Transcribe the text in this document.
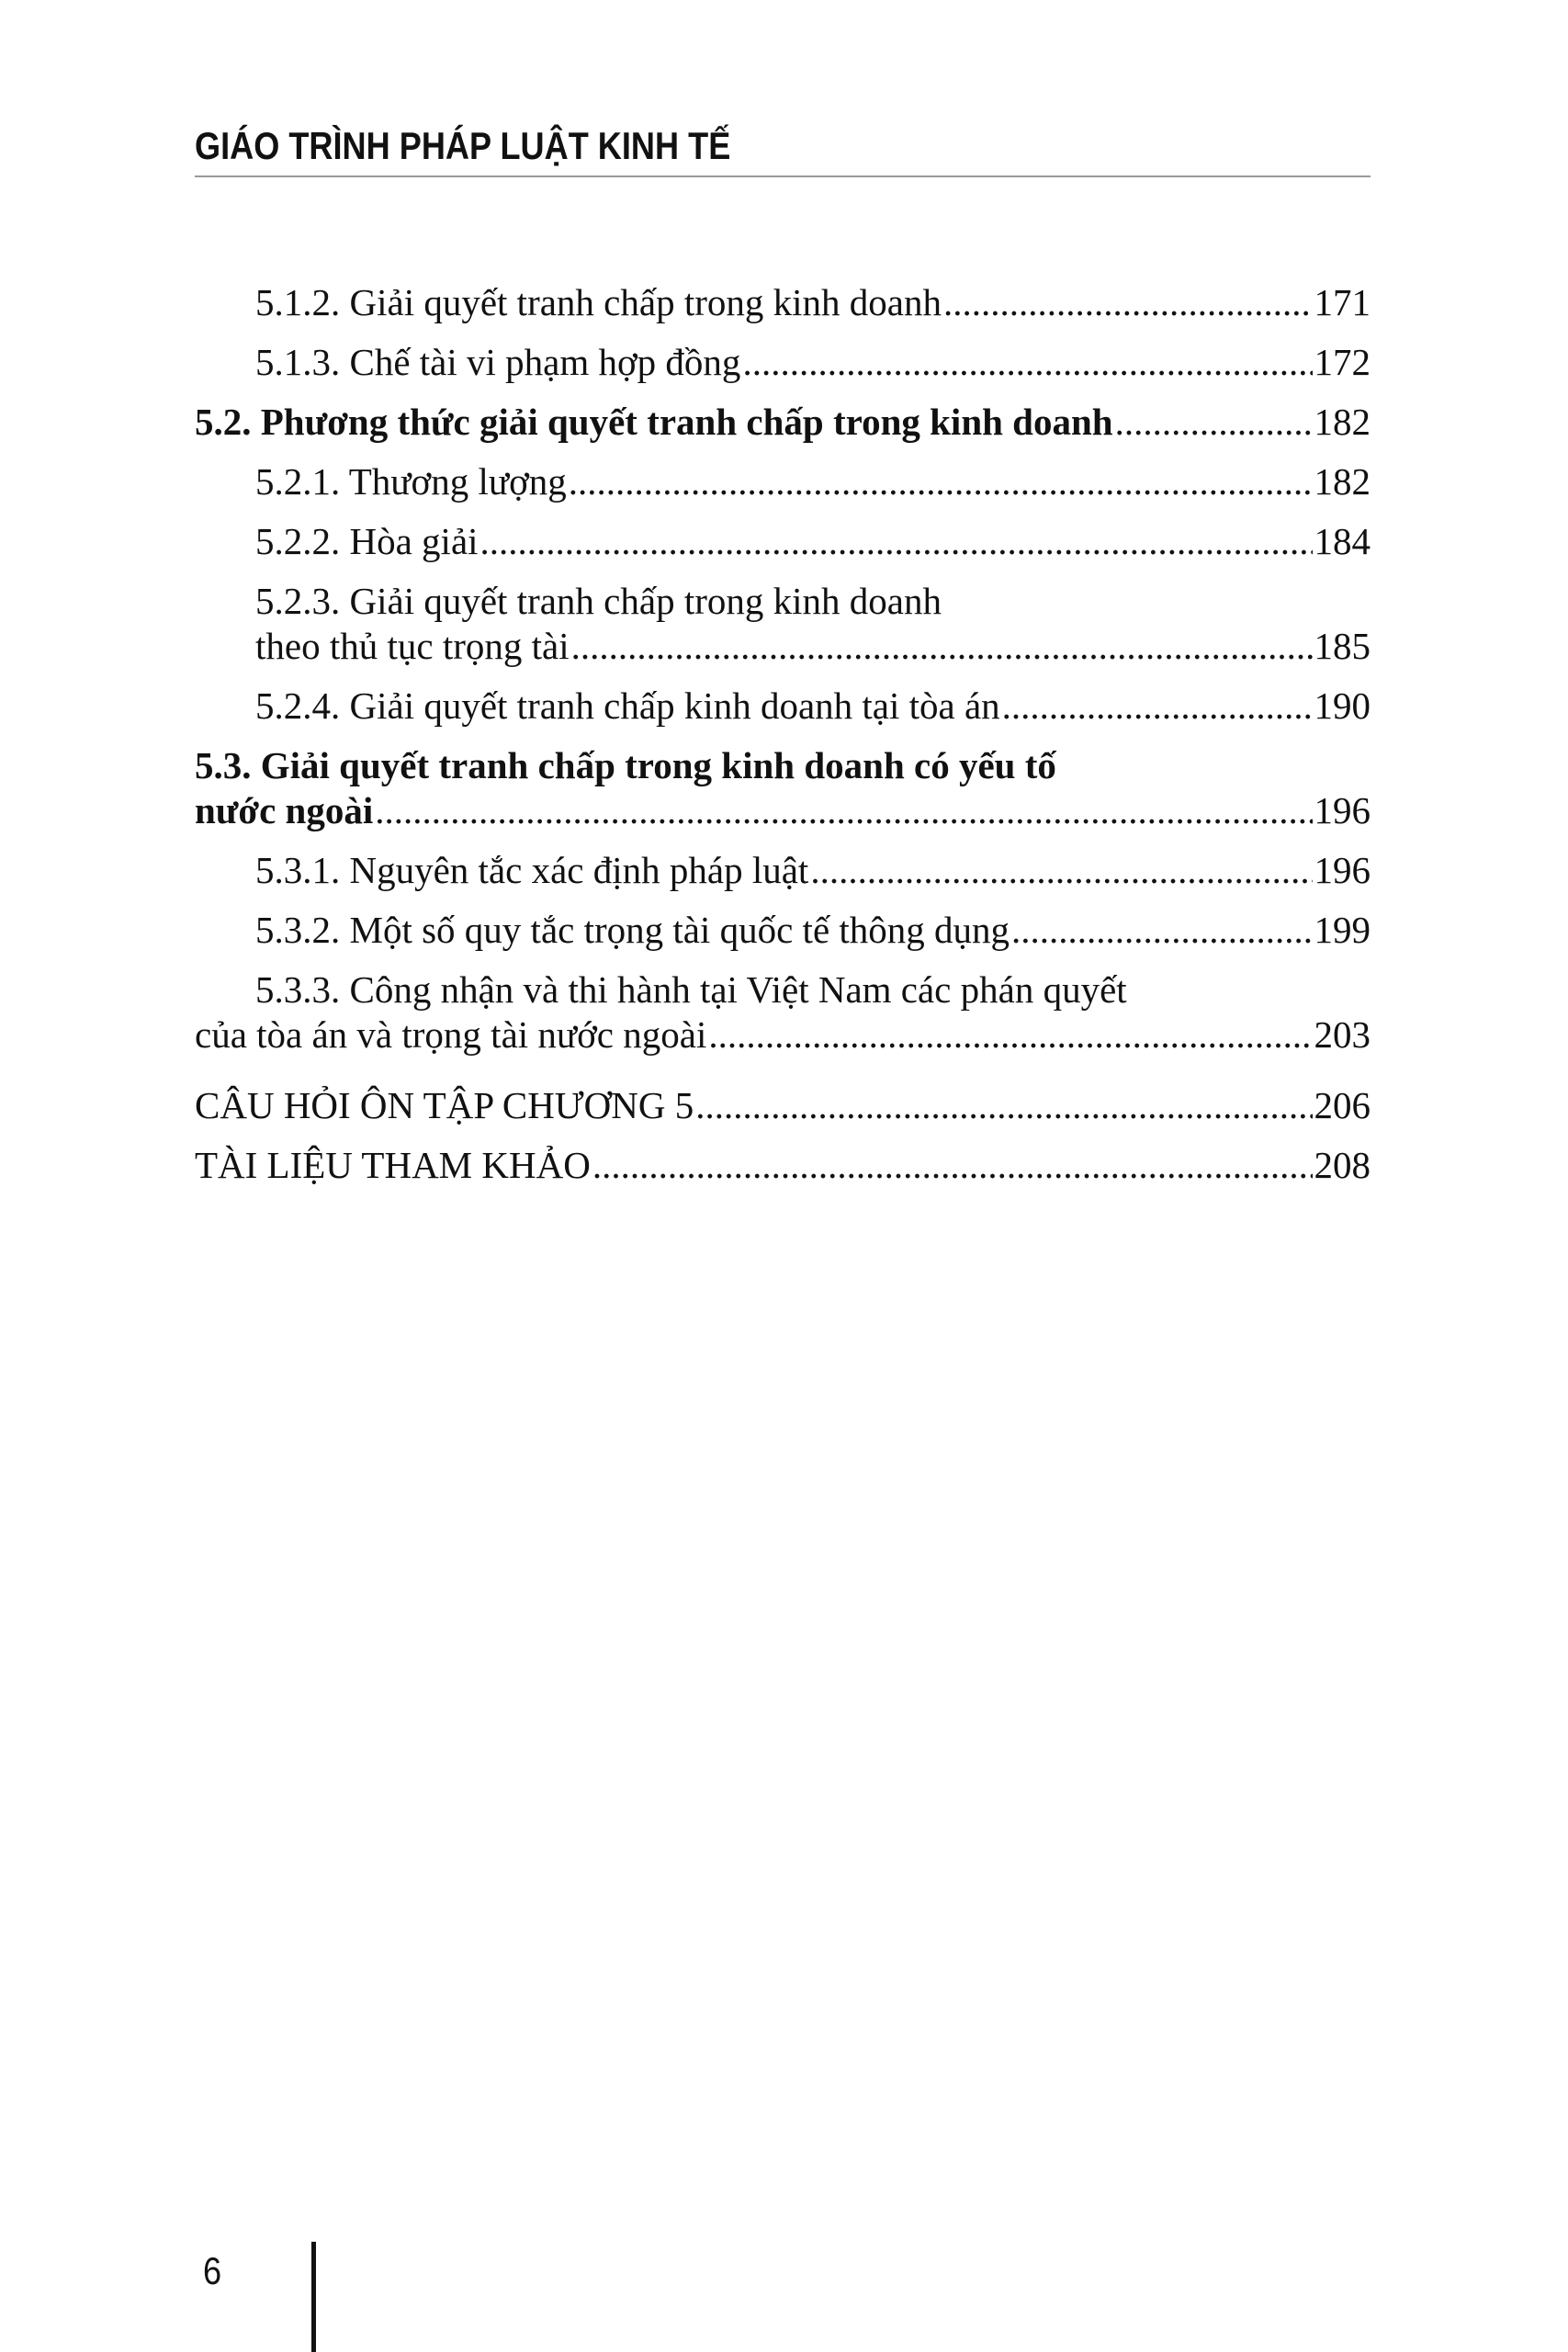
GIÁO TRÌNH PHÁP LUẬT KINH TẾ
5.1.2. Giải quyết tranh chấp trong kinh doanh .....	171
5.1.3. Chế tài vi phạm hợp đồng .....	172
5.2. Phương thức giải quyết tranh chấp trong kinh doanh .....	182
5.2.1. Thương lượng .....	182
5.2.2. Hòa giải .....	184
5.2.3. Giải quyết tranh chấp trong kinh doanh
theo thủ tục trọng tài .....	185
5.2.4. Giải quyết tranh chấp kinh doanh tại tòa án .....	190
5.3. Giải quyết tranh chấp trong kinh doanh có yếu tố
nước ngoài .....	196
5.3.1. Nguyên tắc xác định pháp luật .....	196
5.3.2. Một số quy tắc trọng tài quốc tế thông dụng .....	199
5.3.3. Công nhận và thi hành tại Việt Nam các phán quyết
của tòa án và trọng tài nước ngoài .....	203
CÂU HỎI ÔN TẬP CHƯƠNG 5 .....	206
TÀI LIỆU THAM KHẢO .....	208
6
